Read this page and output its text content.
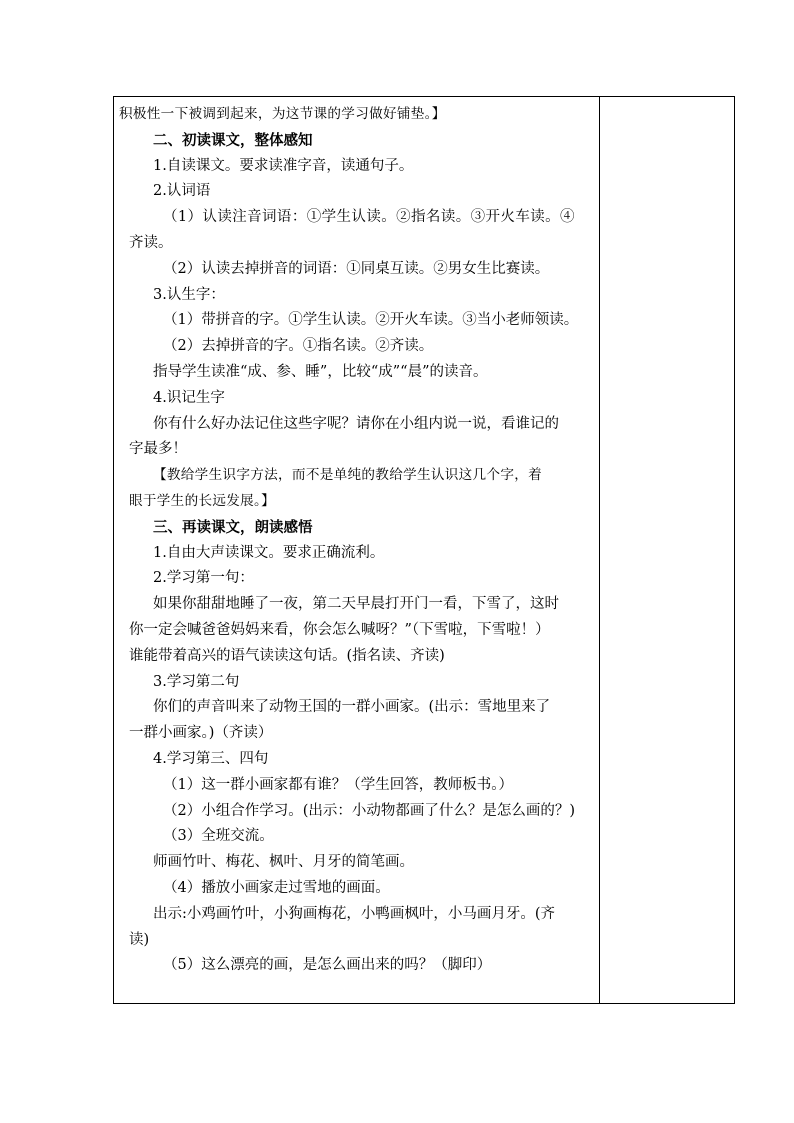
积极性一下被调到起来，为这节课的学习做好铺垫。】
二、初读课文，整体感知
1.自读课文。要求读准字音，读通句子。
2.认词语
（1）认读注音词语：①学生认读。②指名读。③开火车读。④
齐读。
（2）认读去掉拼音的词语：①同桌互读。②男女生比赛读。
3.认生字：
（1）带拼音的字。①学生认读。②开火车读。③当小老师领读。
（2）去掉拼音的字。①指名读。②齐读。
指导学生读准“成、参、睡”，比较“成”“晨”的读音。
4.识记生字
你有什么好办法记住这些字呢？请你在小组内说一说，看谁记的
字最多！
【教给学生识字方法，而不是单纯的教给学生认识这几个字，着
眼于学生的长远发展。】
三、再读课文，朗读感悟
1.自由大声读课文。要求正确流利。
2.学习第一句：
如果你甜甜地睡了一夜，第二天早晨打开门一看，下雪了，这时
你一定会喊爸爸妈妈来看，你会怎么喊呀？”（下雪啦，下雪啦！）
谁能带着高兴的语气读读这句话。(指名读、齐读)
3.学习第二句
你们的声音叫来了动物王国的一群小画家。(出示：雪地里来了
一群小画家。)（齐读）
4.学习第三、四句
（1）这一群小画家都有谁？（学生回答，教师板书。）
（2）小组合作学习。(出示：小动物都画了什么？是怎么画的？)
（3）全班交流。
师画竹叶、梅花、枫叶、月牙的简笔画。
（4）播放小画家走过雪地的画面。
出示:小鸡画竹叶，小狗画梅花，小鸭画枫叶，小马画月牙。(齐
读)
（5）这么漂亮的画，是怎么画出来的吗？（脚印）
